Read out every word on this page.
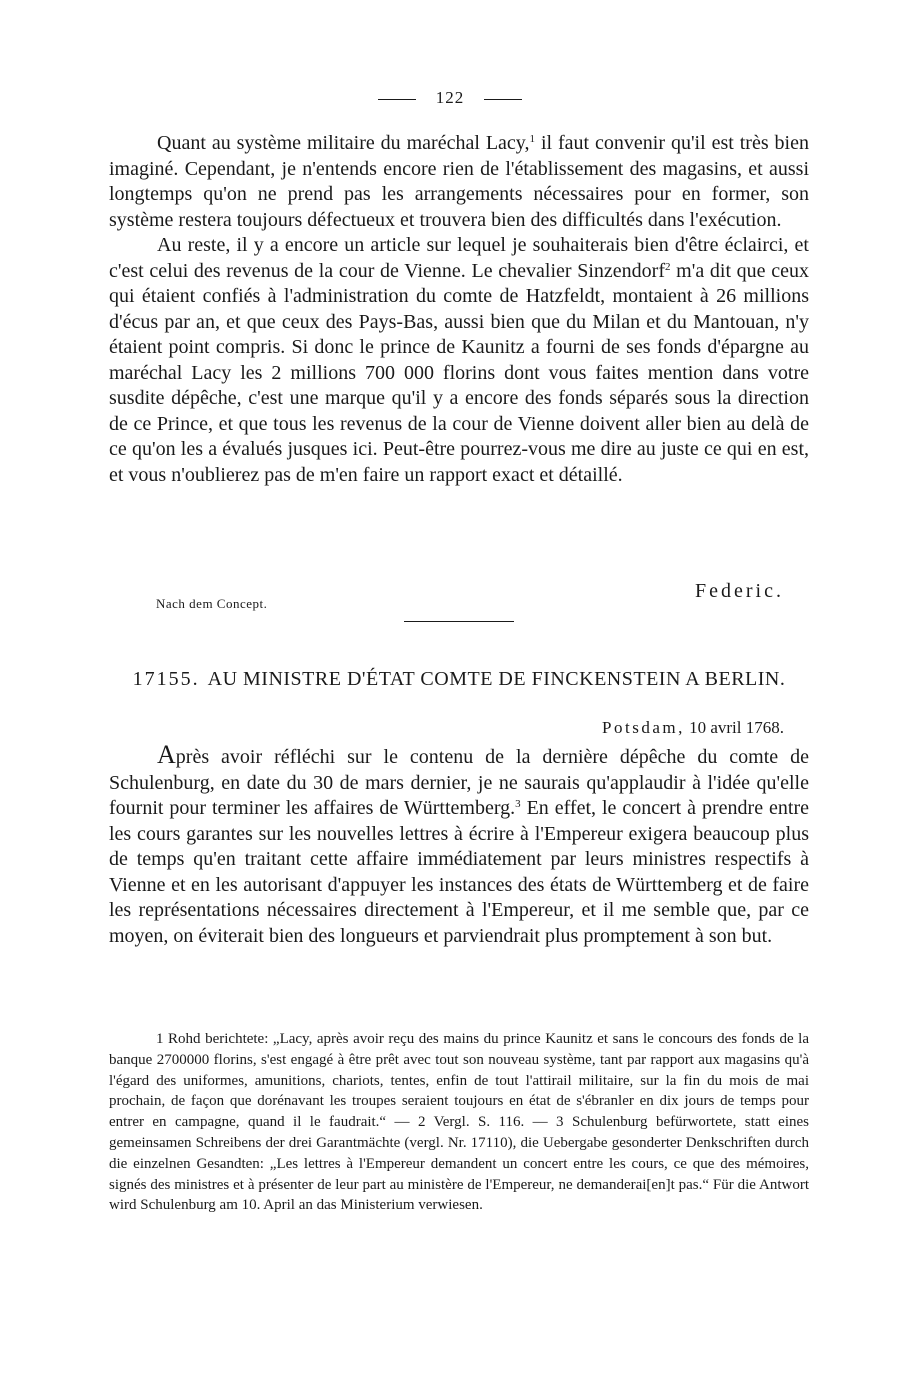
122

Quant au système militaire du maréchal Lacy,$^1$ il faut convenir qu'il est très bien imaginé. Cependant, je n'entends encore rien de l'établissement des magasins, et aussi longtemps qu'on ne prend pas les arrangements nécessaires pour en former, son système restera toujours défectueux et trouvera bien des difficultés dans l'exécution.

Au reste, il y a encore un article sur lequel je souhaiterais bien d'être éclairci, et c'est celui des revenus de la cour de Vienne. Le chevalier Sinzendorf$^2$ m'a dit que ceux qui étaient confiés à l'administration du comte de Hatzfeldt, montaient à 26 millions d'écus par an, et que ceux des Pays-Bas, aussi bien que du Milan et du Mantouan, n'y étaient point compris. Si donc le prince de Kaunitz a fourni de ses fonds d'épargne au maréchal Lacy les 2 millions 700 000 florins dont vous faites mention dans votre susdite dépêche, c'est une marque qu'il y a encore des fonds séparés sous la direction de ce Prince, et que tous les revenus de la cour de Vienne doivent aller bien au delà de ce qu'on les a évalués jusques ici. Peut-être pourrez-vous me dire au juste ce qui en est, et vous n'oublierez pas de m'en faire un rapport exact et détaillé.

Federic.
Nach dem Concept.
17155. AU MINISTRE D'ÉTAT COMTE DE FINCKENSTEIN A BERLIN.
Potsdam, 10 avril 1768.

Après avoir réfléchi sur le contenu de la dernière dépêche du comte de Schulenburg, en date du 30 de mars dernier, je ne saurais qu'applaudir à l'idée qu'elle fournit pour terminer les affaires de Württemberg.$^3$ En effet, le concert à prendre entre les cours garantes sur les nouvelles lettres à écrire à l'Empereur exigera beaucoup plus de temps qu'en traitant cette affaire immédiatement par leurs ministres respectifs à Vienne et en les autorisant d'appuyer les instances des états de Württemberg et de faire les représentations nécessaires directement à l'Empereur, et il me semble que, par ce moyen, on éviterait bien des longueurs et parviendrait plus promptement à son but.

1 Rohd berichtete: „Lacy, après avoir reçu des mains du prince Kaunitz et sans le concours des fonds de la banque 2700000 florins, s'est engagé à être prêt avec tout son nouveau système, tant par rapport aux magasins qu'à l'égard des uniformes, amunitions, chariots, tentes, enfin de tout l'attirail militaire, sur la fin du mois de mai prochain, de façon que dorénavant les troupes seraient toujours en état de s'ébranler en dix jours de temps pour entrer en campagne, quand il le faudrait.“ — 2 Vergl. S. 116. — 3 Schulenburg befürwortete, statt eines gemeinsamen Schreibens der drei Garantmächte (vergl. Nr. 17110), die Uebergabe gesonderter Denkschriften durch die einzelnen Gesandten: „Les lettres à l'Empereur demandent un concert entre les cours, ce que des mémoires, signés des ministres et à présenter de leur part au ministère de l'Empereur, ne demanderai[en]t pas.“ Für die Antwort wird Schulenburg am 10. April an das Ministerium verwiesen.
